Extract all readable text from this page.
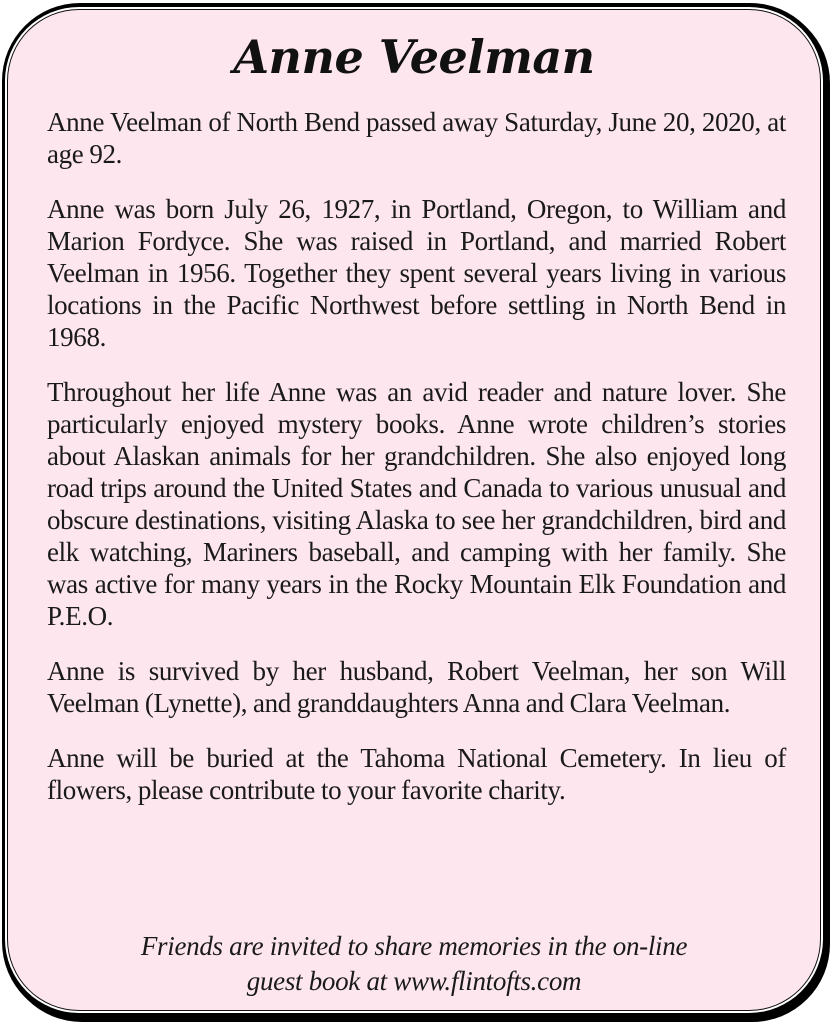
Anne Veelman

Anne Veelman of North Bend passed away Saturday, June 20, 2020, at age 92.

Anne was born July 26, 1927, in Portland, Oregon, to William and Marion Fordyce. She was raised in Portland, and married Robert Veelman in 1956. Together they spent several years living in various locations in the Pacific Northwest before settling in North Bend in 1968.

Throughout her life Anne was an avid reader and nature lover. She particularly enjoyed mystery books. Anne wrote children’s stories about Alaskan animals for her grandchildren. She also enjoyed long road trips around the United States and Canada to various unusual and obscure destinations, visiting Alaska to see her grandchildren, bird and elk watching, Mariners baseball, and camping with her family. She was active for many years in the Rocky Mountain Elk Foundation and P.E.O.

Anne is survived by her husband, Robert Veelman, her son Will Veelman (Lynette), and granddaughters Anna and Clara Veelman.

Anne will be buried at the Tahoma National Cemetery. In lieu of flowers, please contribute to your favorite charity.

Friends are invited to share memories in the on-line
guest book at www.flintofts.com
